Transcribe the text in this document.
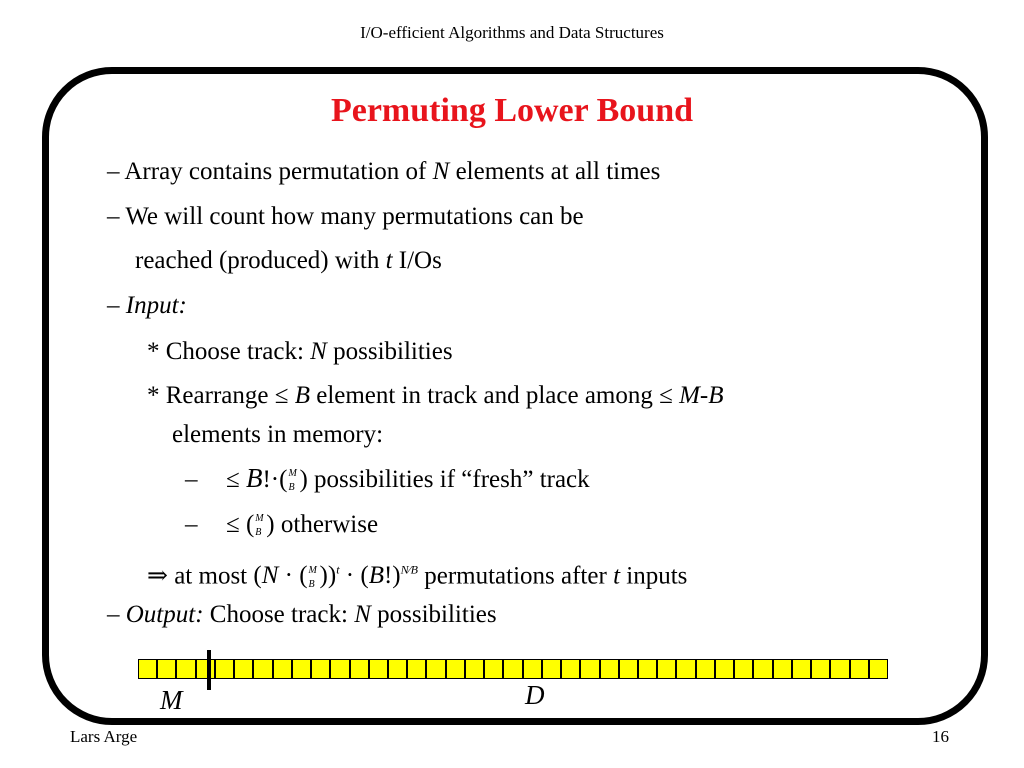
I/O-efficient Algorithms and Data Structures
Permuting Lower Bound
– Array contains permutation of N elements at all times
– We will count how many permutations can be
reached (produced) with t I/Os
– Input:
* Choose track: N possibilities
* Rearrange ≤ B element in track and place among ≤ M-B
elements in memory:
– ≤ B!·( M
B ) possibilities if “fresh” track
– ≤ ( M
B ) otherwise
⇒ at most (N · ( M
B ))$^t \cdot (B!)^{N⁄B}$ permutations after t inputs
– Output: Choose track: N possibilities
M	D
Lars Arge	16
